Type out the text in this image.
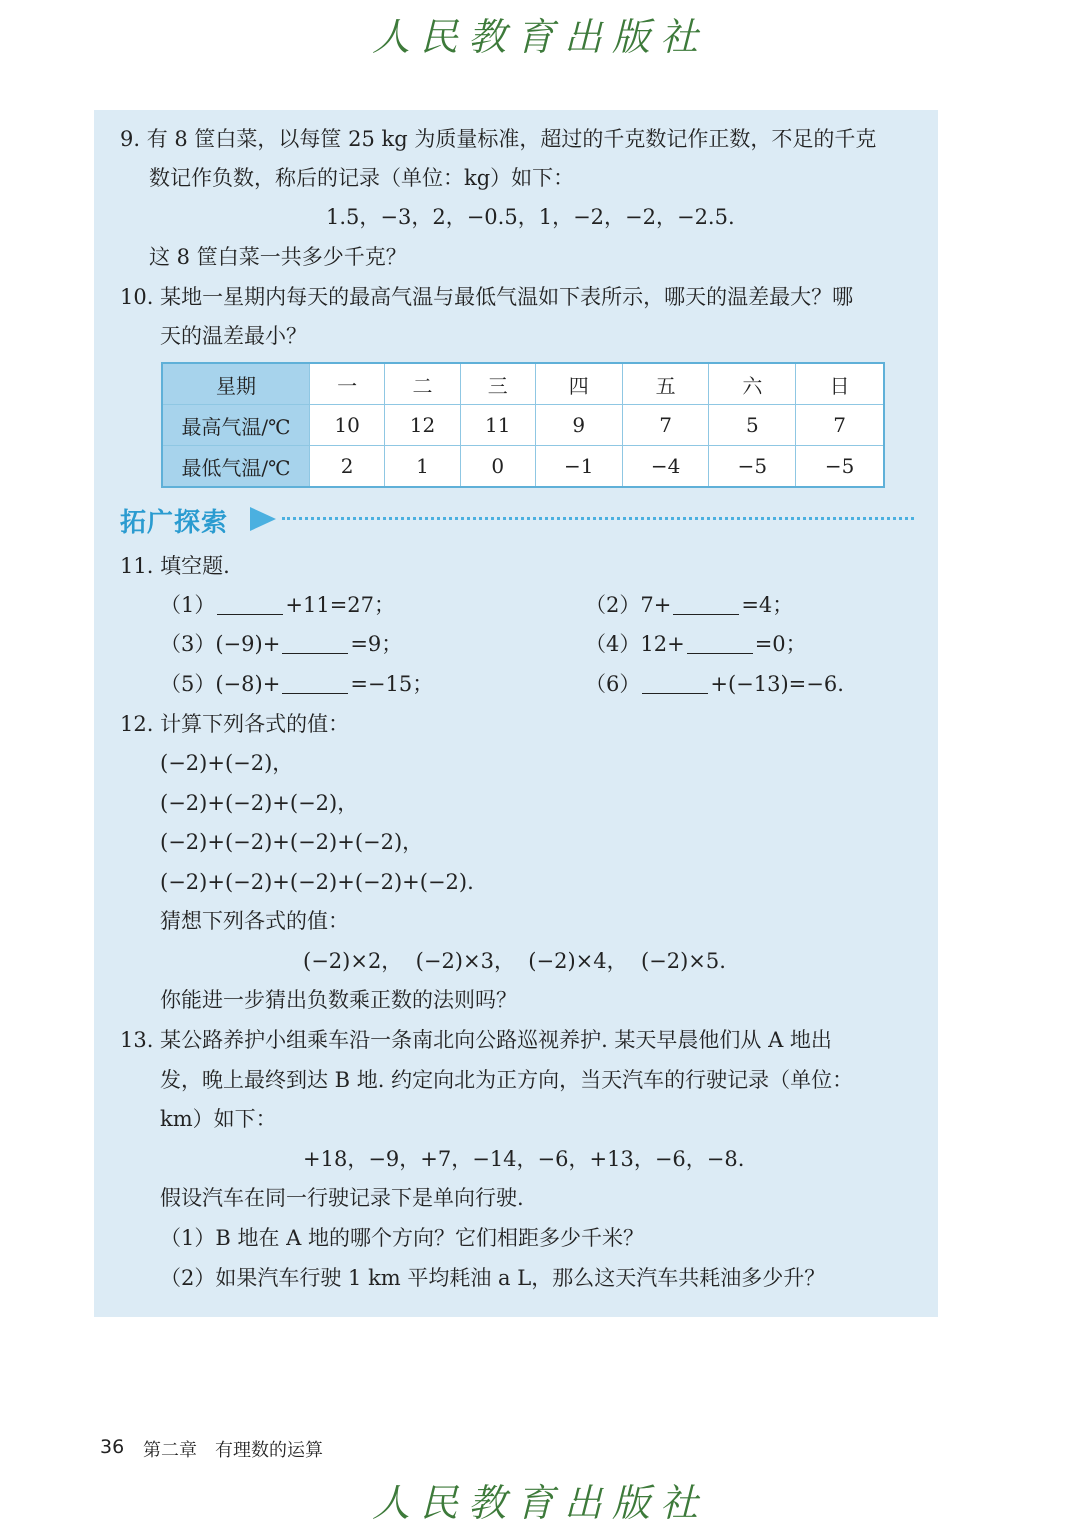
人民教育出版社
9. 有 8 筐白菜，以每筐 25 kg 为质量标准，超过的千克数记作正数，不足的千克
数记作负数，称后的记录（单位：kg）如下：
1.5，−3，2，−0.5，1，−2，−2，−2.5.
这 8 筐白菜一共多少千克？
10. 某地一星期内每天的最高气温与最低气温如下表所示，哪天的温差最大？哪
天的温差最小？
星期	一	二	三	四	五	六	日
最高气温/℃	10	12	11	9	7	5	7
最低气温/℃	2	1	0	−1	−4	−5	−5
拓广探索
11. 填空题.
（1）	+11=27；	（2）7+	=4；
（3）(−9)+	=9；	（4）12+	=0；
（5）(−8)+	=−15；	（6）	+(−13)=−6.
12. 计算下列各式的值：
(−2)+(−2)，
(−2)+(−2)+(−2)，
(−2)+(−2)+(−2)+(−2)，
(−2)+(−2)+(−2)+(−2)+(−2).
猜想下列各式的值：
(−2)×2，  (−2)×3，  (−2)×4，  (−2)×5.
你能进一步猜出负数乘正数的法则吗？
13. 某公路养护小组乘车沿一条南北向公路巡视养护. 某天早晨他们从 A 地出
发，晚上最终到达 B 地. 约定向北为正方向，当天汽车的行驶记录（单位：
km）如下：
+18，−9，+7，−14，−6，+13，−6，−8.
假设汽车在同一行驶记录下是单向行驶.
（1）B 地在 A 地的哪个方向？它们相距多少千米？
（2）如果汽车行驶 1 km 平均耗油 a L，那么这天汽车共耗油多少升？
36 第二章　有理数的运算
人民教育出版社
